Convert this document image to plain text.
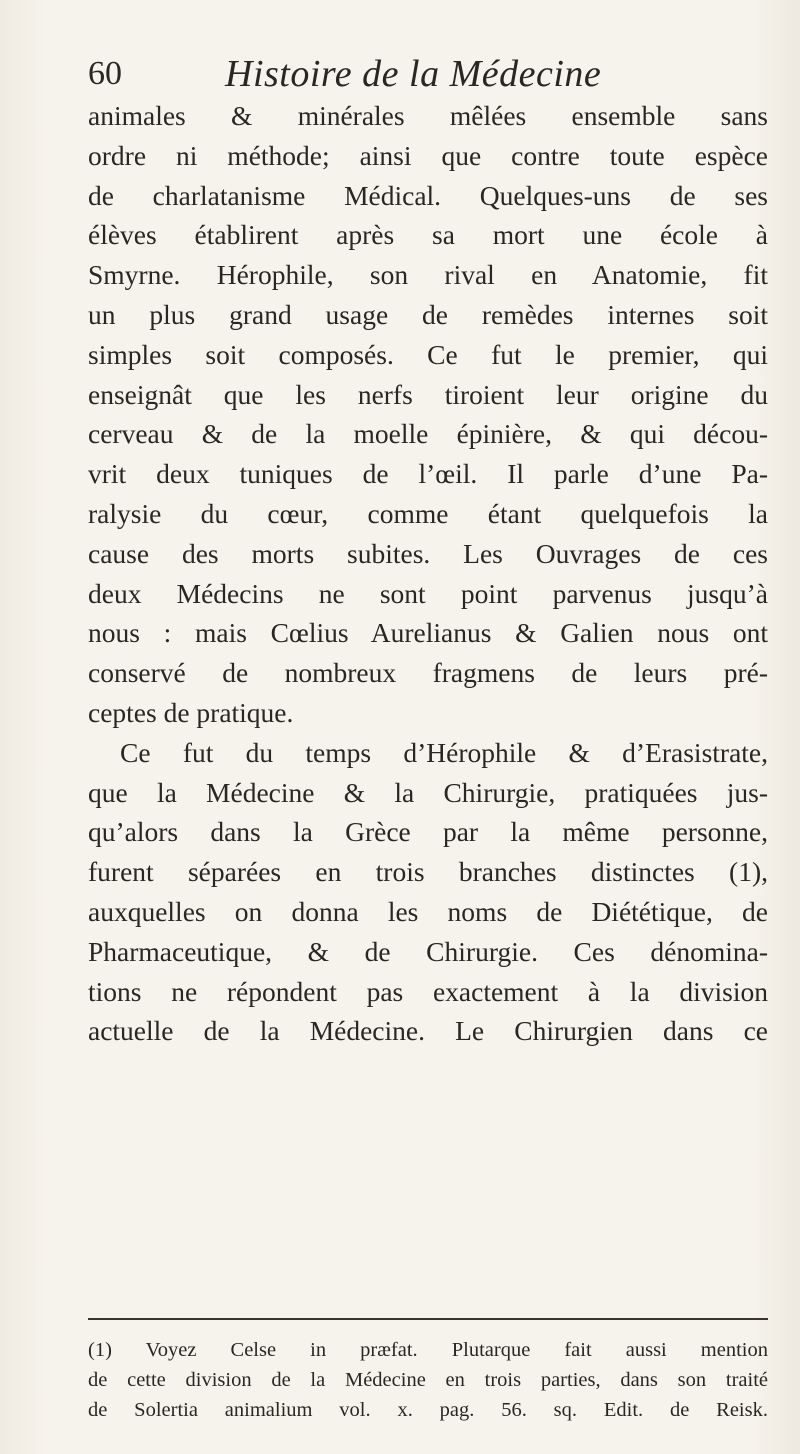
60	Histoire de la Médecine
animales & minérales mêlées ensemble sans
ordre ni méthode; ainsi que contre toute espèce
de charlatanisme Médical. Quelques-uns de ses
élèves établirent après sa mort une école à
Smyrne. Hérophile, son rival en Anatomie, fit
un plus grand usage de remèdes internes soit
simples soit composés. Ce fut le premier, qui
enseignât que les nerfs tiroient leur origine du
cerveau & de la moelle épinière, & qui décou-
vrit deux tuniques de l’œil. Il parle d’une Pa-
ralysie du cœur, comme étant quelquefois la
cause des morts subites. Les Ouvrages de ces
deux Médecins ne sont point parvenus jusqu’à
nous : mais Cœlius Aurelianus & Galien nous ont
conservé de nombreux fragmens de leurs pré-
ceptes de pratique.
Ce fut du temps d’Hérophile & d’Erasistrate,
que la Médecine & la Chirurgie, pratiquées jus-
qu’alors dans la Grèce par la même personne,
furent séparées en trois branches distinctes (1),
auxquelles on donna les noms de Diététique, de
Pharmaceutique, & de Chirurgie. Ces dénomina-
tions ne répondent pas exactement à la division
actuelle de la Médecine. Le Chirurgien dans ce
(1) Voyez Celse in præfat. Plutarque fait aussi mention
de cette division de la Médecine en trois parties, dans son traité
de Solertia animalium vol. x. pag. 56. sq. Edit. de Reisk.
